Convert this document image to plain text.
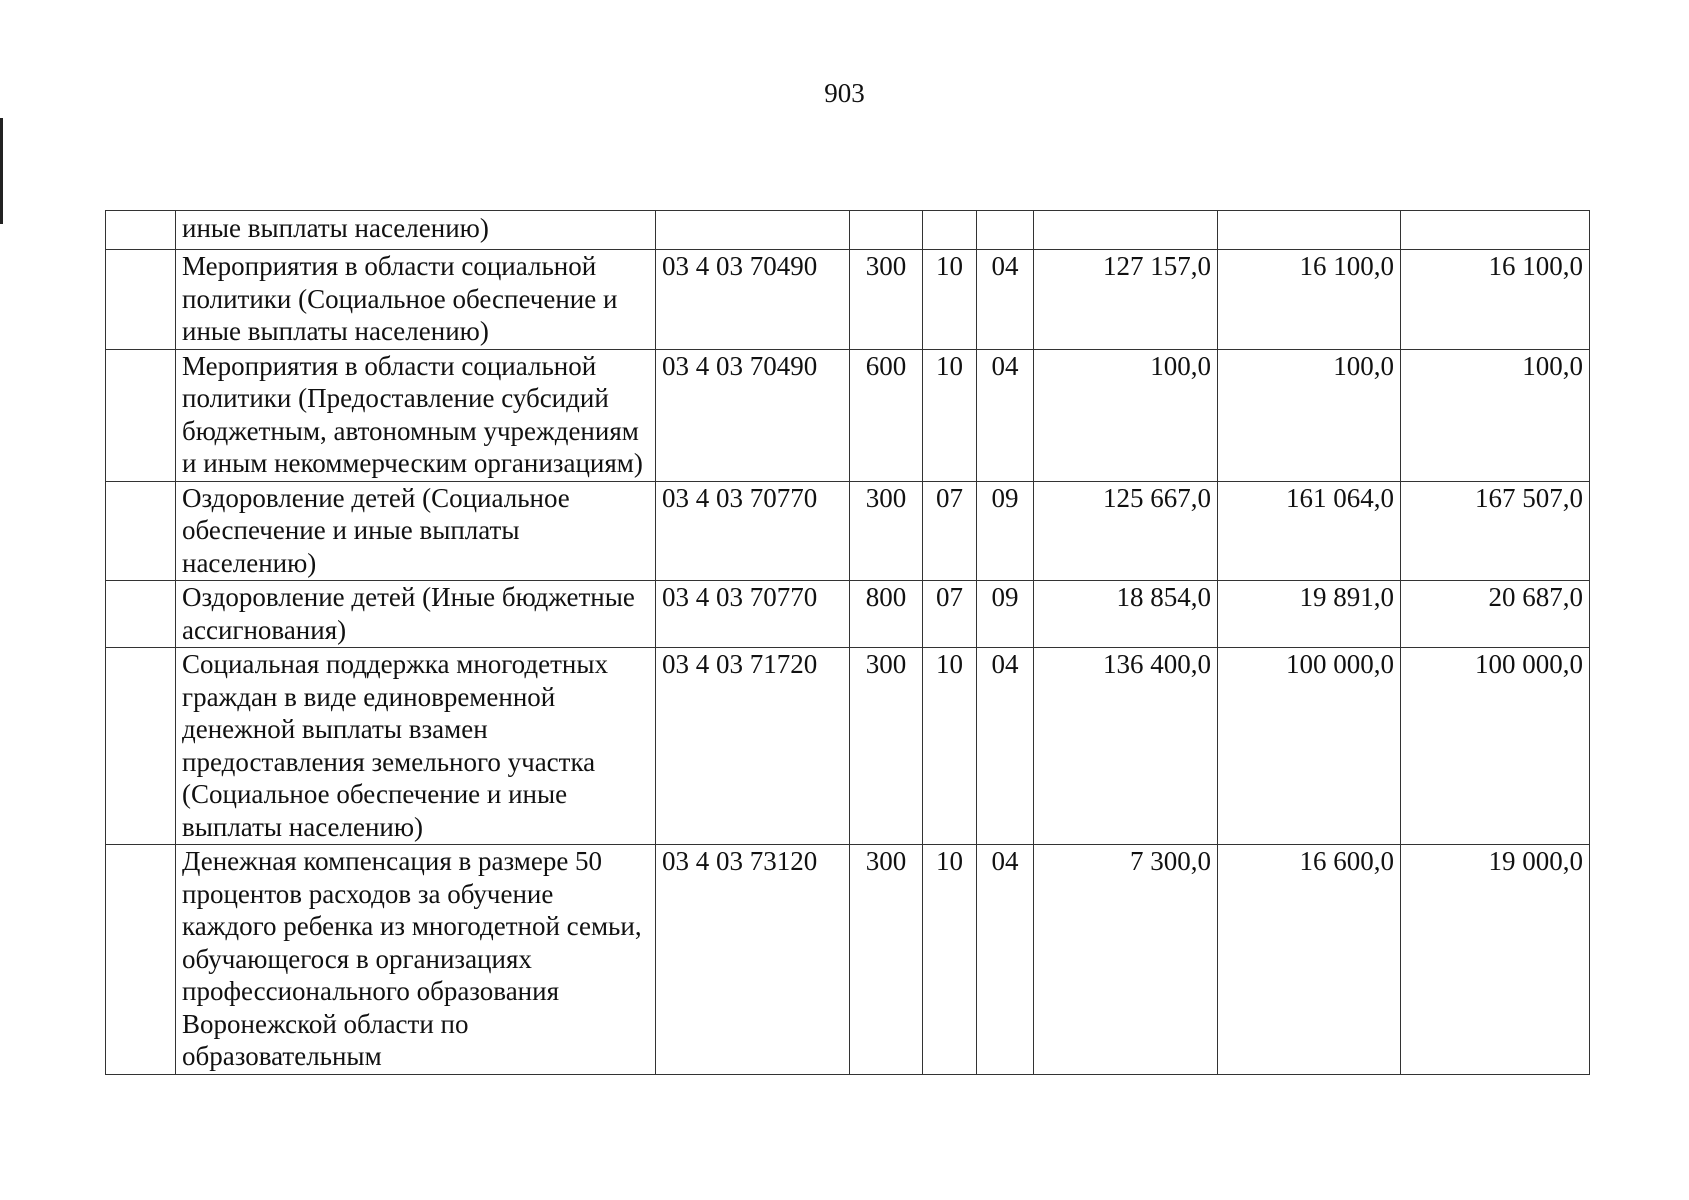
903
	иные выплаты населению)							
	Мероприятия в области социальной политики (Социальное обеспечение и иные выплаты населению)	03 4 03 70490	300	10	04	127 157,0	16 100,0	16 100,0
	Мероприятия в области социальной политики (Предоставление субсидий бюджетным, автономным учреждениям и иным некоммерческим организациям)	03 4 03 70490	600	10	04	100,0	100,0	100,0
	Оздоровление детей (Социальное обеспечение и иные выплаты населению)	03 4 03 70770	300	07	09	125 667,0	161 064,0	167 507,0
	Оздоровление детей (Иные бюджетные ассигнования)	03 4 03 70770	800	07	09	18 854,0	19 891,0	20 687,0
	Социальная поддержка многодетных граждан в виде единовременной денежной выплаты взамен предоставления земельного участка (Социальное обеспечение и иные выплаты населению)	03 4 03 71720	300	10	04	136 400,0	100 000,0	100 000,0
	Денежная компенсация в размере 50 процентов расходов за обучение каждого ребенка из многодетной семьи, обучающегося в организациях профессионального образования Воронежской области по образовательным	03 4 03 73120	300	10	04	7 300,0	16 600,0	19 000,0
